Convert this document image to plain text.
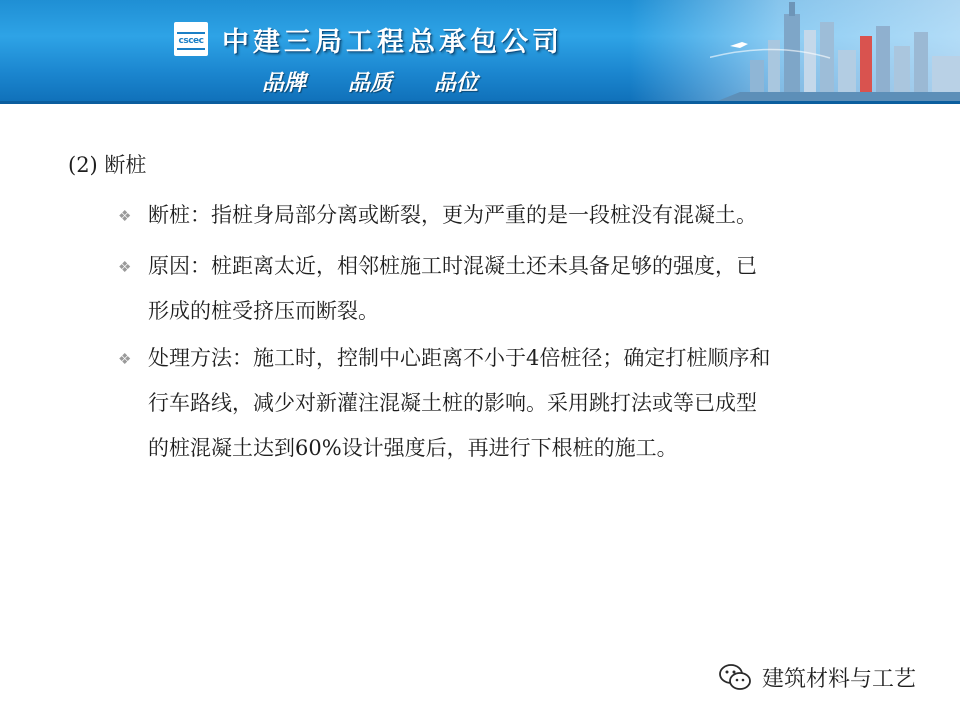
cscec 中建三局工程总承包公司
品牌 品质 品位
(2) 断桩
❖ 断桩：指桩身局部分离或断裂，更为严重的是一段桩没有混凝土。
❖ 原因：桩距离太近，相邻桩施工时混凝土还未具备足够的强度，已
形成的桩受挤压而断裂。
❖ 处理方法：施工时，控制中心距离不小于4倍桩径；确定打桩顺序和
行车路线，减少对新灌注混凝土桩的影响。采用跳打法或等已成型
的桩混凝土达到60%设计强度后，再进行下根桩的施工。
建筑材料与工艺
